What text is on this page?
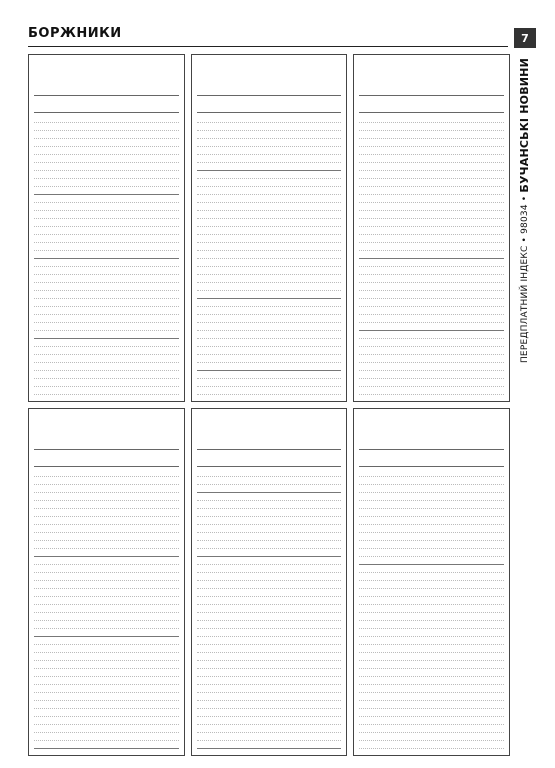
БОРЖНИКИ	7
ПЕРЕДПЛАТНИЙ ІНДЕКС • 98034 • БУЧАНСЬКІ НОВИНИ
